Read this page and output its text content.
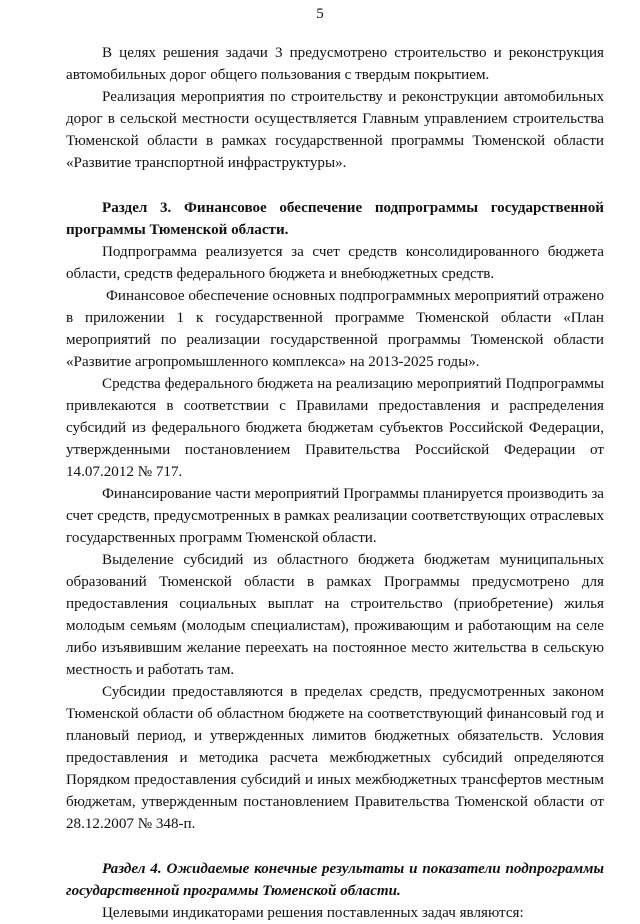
5

В целях решения задачи 3 предусмотрено строительство и реконструкция автомобильных дорог общего пользования с твердым покрытием.

Реализация мероприятия по строительству и реконструкции автомобильных дорог в сельской местности осуществляется Главным управлением строительства Тюменской области в рамках государственной программы Тюменской области «Развитие транспортной инфраструктуры».

Раздел 3. Финансовое обеспечение подпрограммы государственной программы Тюменской области.

Подпрограмма реализуется за счет средств консолидированного бюджета области, средств федерального бюджета и внебюджетных средств.

Финансовое обеспечение основных подпрограммных мероприятий отражено в приложении 1 к государственной программе Тюменской области «План мероприятий по реализации государственной программы Тюменской области «Развитие агропромышленного комплекса» на 2013-2025 годы».

Средства федерального бюджета на реализацию мероприятий Подпрограммы привлекаются в соответствии с Правилами предоставления и распределения субсидий из федерального бюджета бюджетам субъектов Российской Федерации, утвержденными постановлением Правительства Российской Федерации от 14.07.2012 № 717.

Финансирование части мероприятий Программы планируется производить за счет средств, предусмотренных в рамках реализации соответствующих отраслевых государственных программ Тюменской области.

Выделение субсидий из областного бюджета бюджетам муниципальных образований Тюменской области в рамках Программы предусмотрено для предоставления социальных выплат на строительство (приобретение) жилья молодым семьям (молодым специалистам), проживающим и работающим на селе либо изъявившим желание переехать на постоянное место жительства в сельскую местность и работать там.

Субсидии предоставляются в пределах средств, предусмотренных законом Тюменской области об областном бюджете на соответствующий финансовый год и плановый период, и утвержденных лимитов бюджетных обязательств. Условия предоставления и методика расчета межбюджетных субсидий определяются Порядком предоставления субсидий и иных межбюджетных трансфертов местным бюджетам, утвержденным постановлением Правительства Тюменской области от 28.12.2007 № 348-п.

Раздел 4. Ожидаемые конечные результаты и показатели подпрограммы государственной программы Тюменской области.

Целевыми индикаторами решения поставленных задач являются:
